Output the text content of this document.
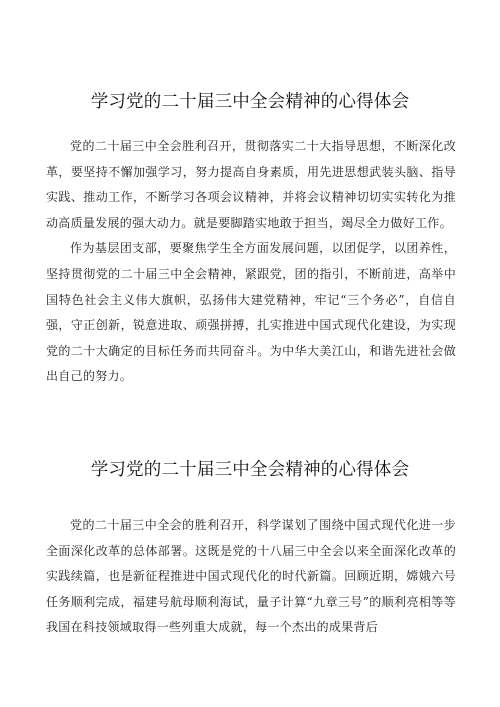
学习党的二十届三中全会精神的心得体会

党的二十届三中全会胜利召开，贯彻落实二十大指导思想，不断深化改革，要坚持不懈加强学习，努力提高自身素质，用先进思想武装头脑、指导实践、推动工作，不断学习各项会议精神，并将会议精神切切实实转化为推动高质量发展的强大动力。就是要脚踏实地敢于担当，竭尽全力做好工作。

作为基层团支部，要聚焦学生全方面发展问题，以团促学，以团养性，坚持贯彻党的二十届三中全会精神，紧跟党，团的指引，不断前进，高举中国特色社会主义伟大旗帜，弘扬伟大建党精神，牢记“三个务必”，自信自强，守正创新，锐意进取、顽强拼搏，扎实推进中国式现代化建设，为实现党的二十大确定的目标任务而共同奋斗。为中华大美江山，和谐先进社会做出自己的努力。

学习党的二十届三中全会精神的心得体会

党的二十届三中全会的胜利召开，科学谋划了围绕中国式现代化进一步全面深化改革的总体部署。这既是党的十八届三中全会以来全面深化改革的实践续篇，也是新征程推进中国式现代化的时代新篇。回顾近期，嫦娥六号任务顺利完成，福建号航母顺利海试，量子计算“九章三号”的顺利亮相等等我国在科技领域取得一些列重大成就，每一个杰出的成果背后
